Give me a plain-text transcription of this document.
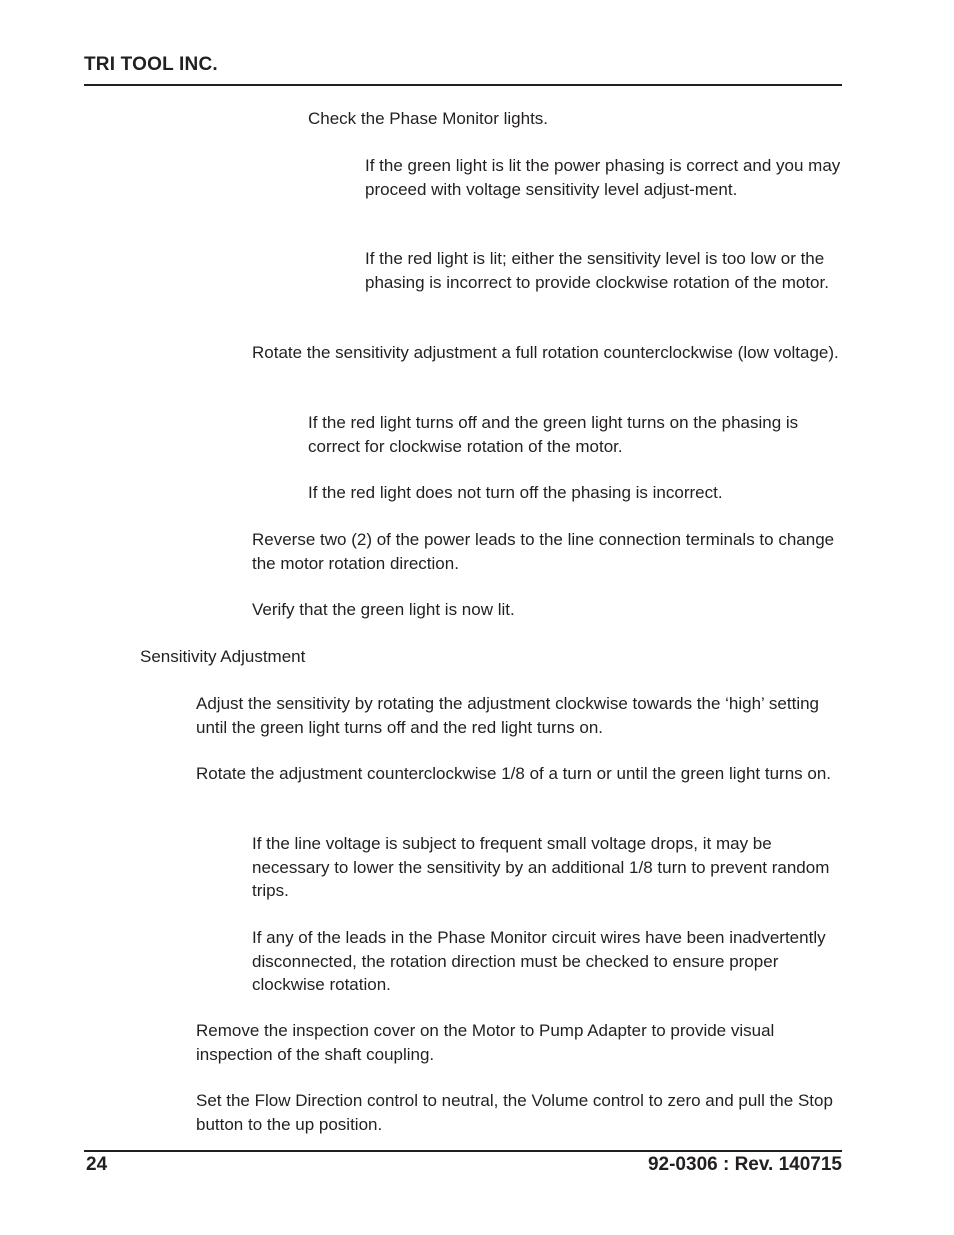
TRI TOOL INC.

Check the Phase Monitor lights.

If the green light is lit the power phasing is correct and you may proceed with voltage sensitivity level adjust-ment.

If the red light is lit; either the sensitivity level is too low or the phasing is incorrect to provide clockwise rotation of the motor.

Rotate the sensitivity adjustment a full rotation counterclockwise (low voltage).

If the red light turns off and the green light turns on the phasing is correct for clockwise rotation of the motor.

If the red light does not turn off the phasing is incorrect.

Reverse two (2) of the power leads to the line connection terminals to change the motor rotation direction.

Verify that the green light is now lit.

Sensitivity Adjustment

Adjust the sensitivity by rotating the adjustment clockwise towards the ‘high’ setting until the green light turns off and the red light turns on.

Rotate the adjustment counterclockwise 1/8 of a turn or until the green light turns on.

If the line voltage is subject to frequent small voltage drops, it may be necessary to lower the sensitivity by an additional 1/8 turn to prevent random trips.

If any of the leads in the Phase Monitor circuit wires have been inadvertently disconnected, the rotation direction must be checked to ensure proper clockwise rotation.

Remove the inspection cover on the Motor to Pump Adapter to provide visual inspection of the shaft coupling.

Set the Flow Direction control to neutral, the Volume control to zero and pull the Stop button to the up position.

24	92-0306 : Rev. 140715
